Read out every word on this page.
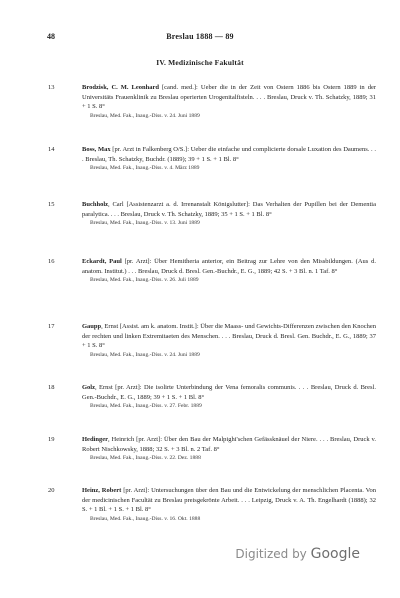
48	Breslau 1888 — 89
IV. Medizinische Fakultät
13	Brodzisk, C. M. Leonhard [cand. med.]: Ueber die in der Zeit von Ostern 1886 bis Ostern 1889 in der Universitäts Frauenklinik zu Breslau operierten Urogenitalfisteln. . . . Breslau, Druck v. Th. Schatzky, 1889; 31 + 1 S. 8°
Breslau, Med. Fak., Inaug.-Diss. v. 24. Juni 1889
14	Boss, Max [pr. Arzt in Falkenberg O/S.]: Ueber die einfache und complicierte dorsale Luxation des Daumens. . . . Breslau, Th. Schatzky, Buchdr. (1889); 39 + 1 S. + 1 Bl. 8°
Breslau, Med. Fak., Inaug.-Diss. v. 4. März 1889
15	Buchholz, Carl [Assistenzarzt a. d. Irrenanstalt Königslutter]: Das Verhalten der Pupillen bei der Dementia paralytica. . . . Breslau, Druck v. Th. Schatzky, 1889; 35 + 1 S. + 1 Bl. 8°
Breslau, Med. Fak., Inaug.-Diss. v. 13. Juni 1889
16	Eckardt, Paul [pr. Arzt]: Über Hemitheria anterior, ein Beitrag zur Lehre von den Missbildungen. (Aus d. anatom. Institut.) . . . Breslau, Druck d. Bresl. Gen.-Buchdr., E. G., 1889; 42 S. + 3 Bl. n. 1 Taf. 8°
Breslau, Med. Fak., Inaug.-Diss. v. 26. Juli 1889
17	Gaupp, Ernst [Assist. am k. anatom. Instit.]: Über die Maass- und Gewichts-Differenzen zwischen den Knochen der rechten und linken Extremitaeten des Menschen. . . . Breslau, Druck d. Bresl. Gen. Buchdr., E. G., 1889; 37 + 1 S. 8°
Breslau, Med. Fak., Inaug.-Diss. v. 24. Juni 1889
18	Golz, Ernst [pr. Arzt]: Die isolirte Unterbindung der Vena femoralis communis. . . . Breslau, Druck d. Bresl. Gen.-Buchdr., E. G., 1889; 39 + 1 S. + 1 Bl. 8°
Breslau, Med. Fak., Inaug.-Diss. v. 27. Febr. 1889
19	Hedinger, Heinrich [pr. Arzt]: Über den Bau der Malpighi'schen Gefässknäuel der Niere. . . . Breslau, Druck v. Robert Nischkowsky, 1888; 32 S. + 3 Bl. n. 2 Taf. 8°
Breslau, Med. Fak., Inaug.-Diss. v. 22. Dez. 1888
20	Heinz, Robert [pr. Arzt]: Untersuchungen über den Bau und die Entwickelung der menschlichen Placenta. Von der medicinischen Facultät zu Breslau preisgekrönte Arbeit. . . . Leipzig, Druck v. A. Th. Engelhardt (1888); 32 S. + 1 Bl. + 1 S. + 1 Bl. 8°
Breslau, Med. Fak., Inaug.-Diss. v. 16. Okt. 1888
Digitized by Google
